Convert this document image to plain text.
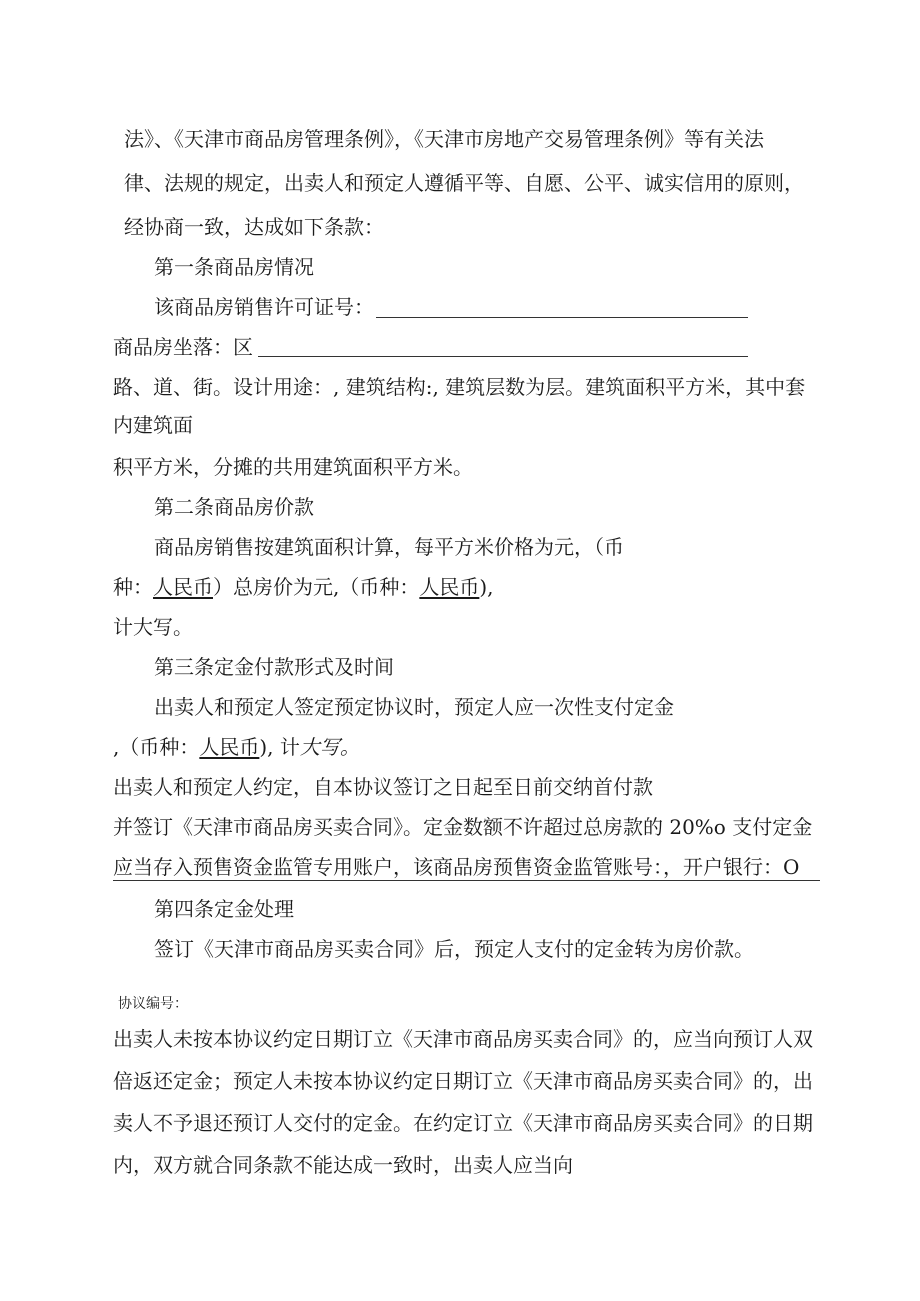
法》、《天津市商品房管理条例》，《天津市房地产交易管理条例》等有关法
律、法规的规定，出卖人和预定人遵循平等、自愿、公平、诚实信用的原则，
经协商一致，达成如下条款：
第一条商品房情况
该商品房销售许可证号：
商品房坐落：区
路、道、街。设计用途：, 建筑结构:, 建筑层数为层。建筑面积平方米，其中套
内建筑面
积平方米，分摊的共用建筑面积平方米。
第二条商品房价款
商品房销售按建筑面积计算，每平方米价格为元，（币
种：人民币）总房价为元,（币种：人民币),
计大写。
第三条定金付款形式及时间
出卖人和预定人签定预定协议时，预定人应一次性支付定金
,（币种：人民币), 计大写。
出卖人和预定人约定，自本协议签订之日起至日前交纳首付款
并签订《天津市商品房买卖合同》。定金数额不许超过总房款的 20%o 支付定金
应当存入预售资金监管专用账户，该商品房预售资金监管账号：，开户银行：O
第四条定金处理
签订《天津市商品房买卖合同》后，预定人支付的定金转为房价款。
协议编号：
出卖人未按本协议约定日期订立《天津市商品房买卖合同》的，应当向预订人双
倍返还定金；预定人未按本协议约定日期订立《天津市商品房买卖合同》的，出
卖人不予退还预订人交付的定金。在约定订立《天津市商品房买卖合同》的日期
内，双方就合同条款不能达成一致时，出卖人应当向
